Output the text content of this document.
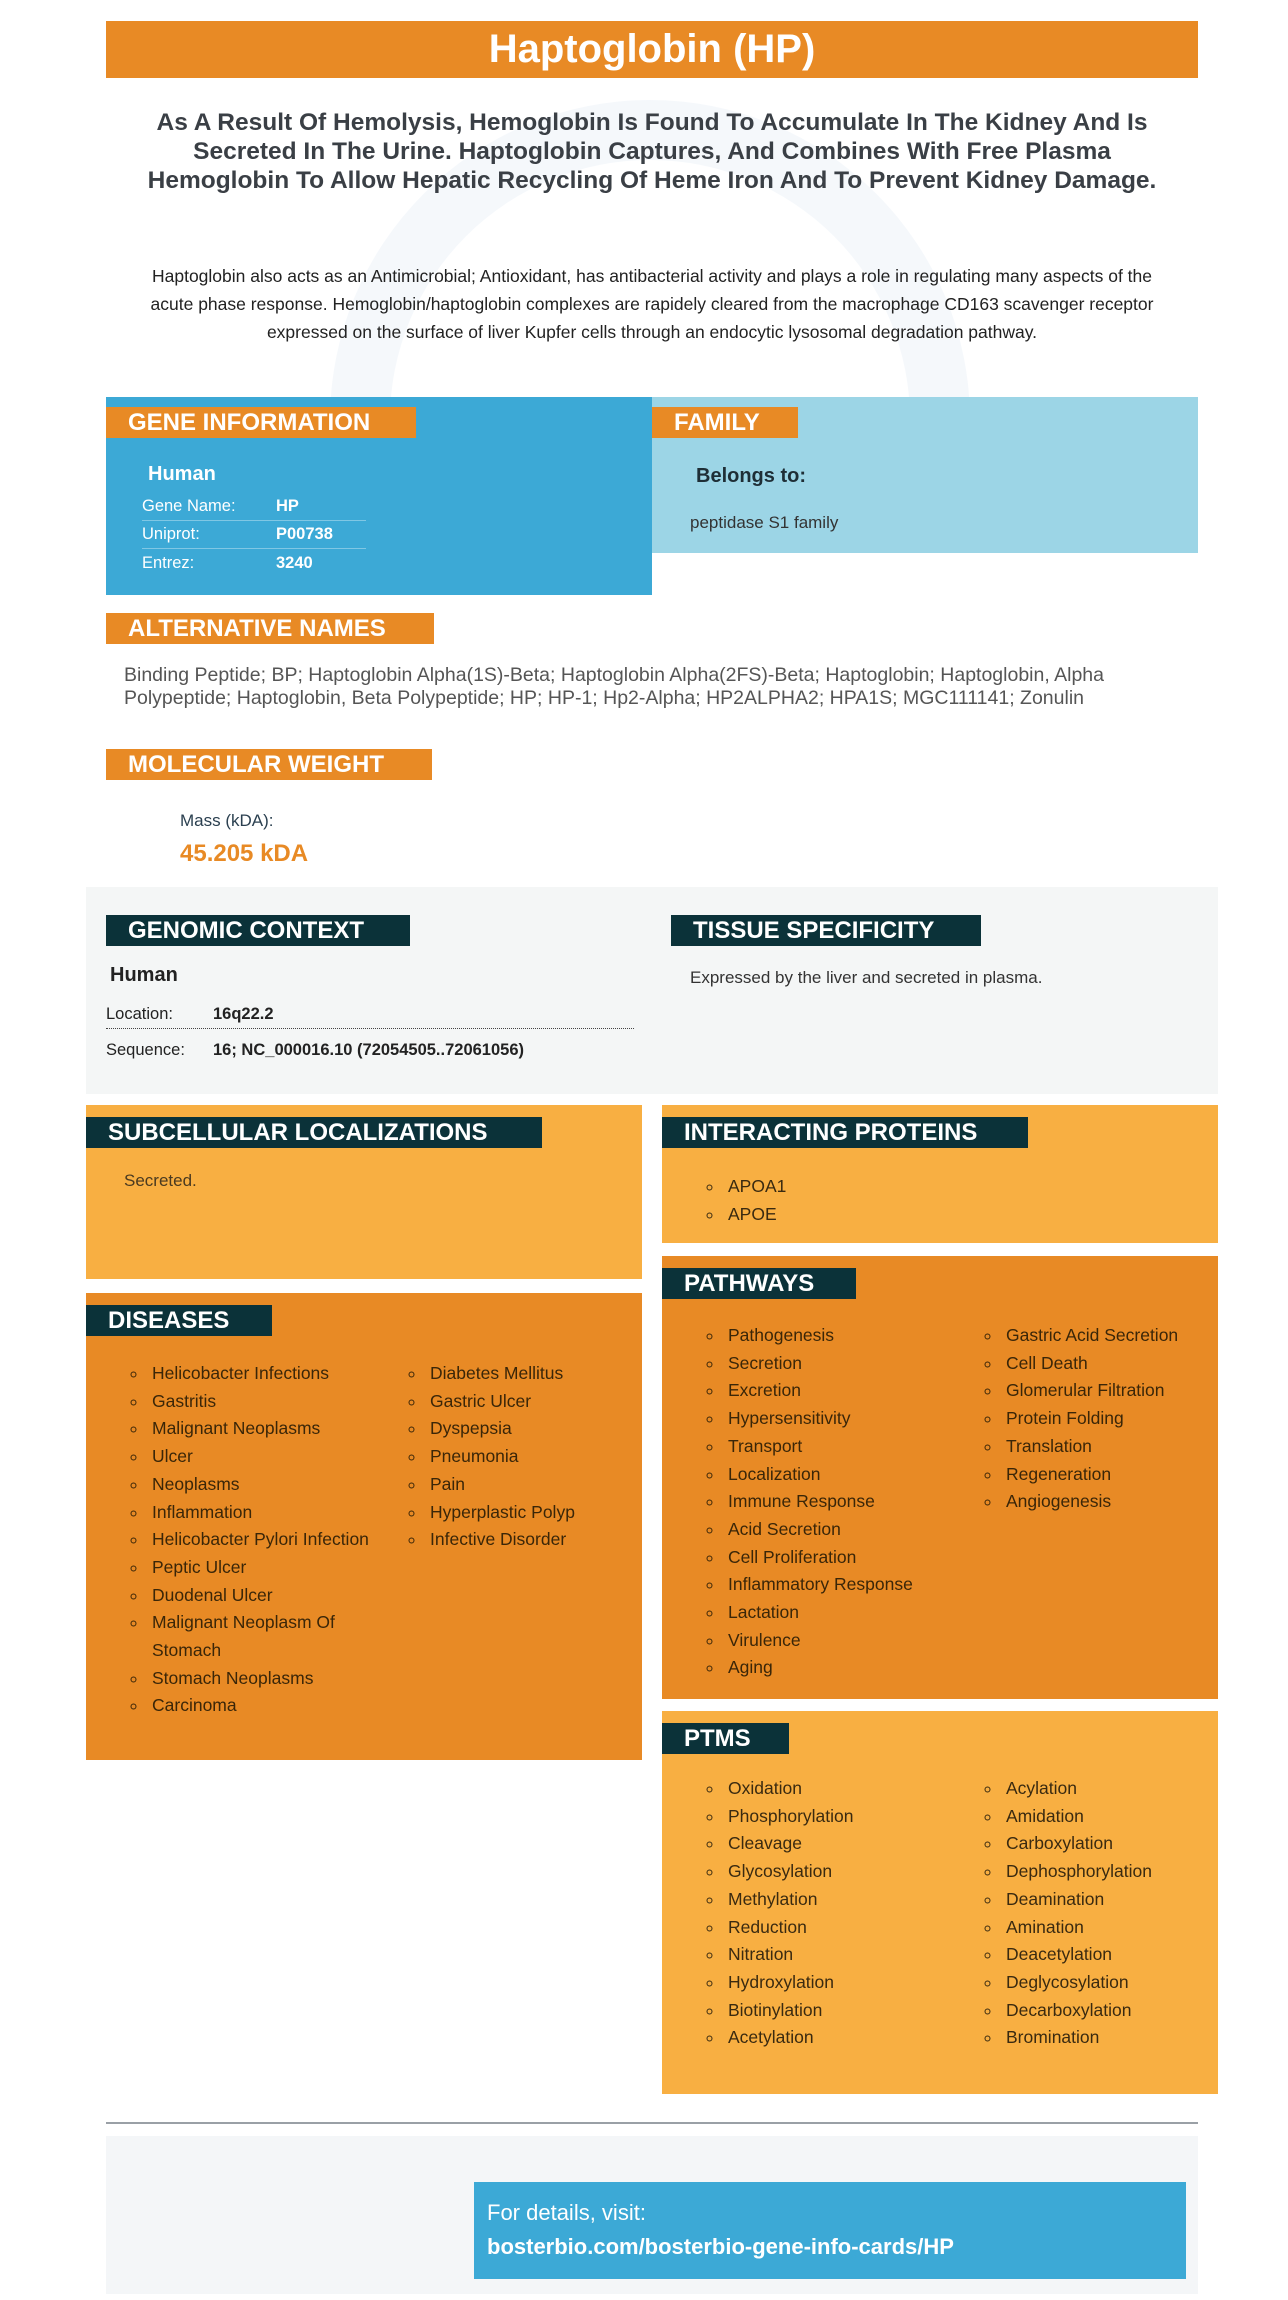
Haptoglobin (HP)
As A Result Of Hemolysis, Hemoglobin Is Found To Accumulate In The Kidney And Is Secreted In The Urine. Haptoglobin Captures, And Combines With Free Plasma Hemoglobin To Allow Hepatic Recycling Of Heme Iron And To Prevent Kidney Damage.
Haptoglobin also acts as an Antimicrobial; Antioxidant, has antibacterial activity and plays a role in regulating many aspects of the acute phase response. Hemoglobin/haptoglobin complexes are rapidely cleared from the macrophage CD163 scavenger receptor expressed on the surface of liver Kupfer cells through an endocytic lysosomal degradation pathway.
GENE INFORMATION
Human
Gene Name:	HP
Uniprot:	P00738
Entrez:	3240
FAMILY
Belongs to:
peptidase S1 family
ALTERNATIVE NAMES
Binding Peptide; BP; Haptoglobin Alpha(1S)-Beta; Haptoglobin Alpha(2FS)-Beta; Haptoglobin; Haptoglobin, Alpha Polypeptide; Haptoglobin, Beta Polypeptide; HP; HP-1; Hp2-Alpha; HP2ALPHA2; HPA1S; MGC111141; Zonulin
MOLECULAR WEIGHT
Mass (kDA):
45.205 kDA
GENOMIC CONTEXT
Human
Location:	16q22.2
Sequence:	16; NC_000016.10 (72054505..72061056)
TISSUE SPECIFICITY
Expressed by the liver and secreted in plasma.
SUBCELLULAR LOCALIZATIONS
Secreted.
INTERACTING PROTEINS
◦ APOA1
◦ APOE
DISEASES
◦ Helicobacter Infections
◦ Gastritis
◦ Malignant Neoplasms
◦ Ulcer
◦ Neoplasms
◦ Inflammation
◦ Helicobacter Pylori Infection
◦ Peptic Ulcer
◦ Duodenal Ulcer
◦ Malignant Neoplasm Of Stomach
◦ Stomach Neoplasms
◦ Carcinoma
◦ Diabetes Mellitus
◦ Gastric Ulcer
◦ Dyspepsia
◦ Pneumonia
◦ Pain
◦ Hyperplastic Polyp
◦ Infective Disorder
PATHWAYS
◦ Pathogenesis
◦ Secretion
◦ Excretion
◦ Hypersensitivity
◦ Transport
◦ Localization
◦ Immune Response
◦ Acid Secretion
◦ Cell Proliferation
◦ Inflammatory Response
◦ Lactation
◦ Virulence
◦ Aging
◦ Gastric Acid Secretion
◦ Cell Death
◦ Glomerular Filtration
◦ Protein Folding
◦ Translation
◦ Regeneration
◦ Angiogenesis
PTMS
◦ Oxidation
◦ Phosphorylation
◦ Cleavage
◦ Glycosylation
◦ Methylation
◦ Reduction
◦ Nitration
◦ Hydroxylation
◦ Biotinylation
◦ Acetylation
◦ Acylation
◦ Amidation
◦ Carboxylation
◦ Dephosphorylation
◦ Deamination
◦ Amination
◦ Deacetylation
◦ Deglycosylation
◦ Decarboxylation
◦ Bromination
For details, visit:
bosterbio.com/bosterbio-gene-info-cards/HP
